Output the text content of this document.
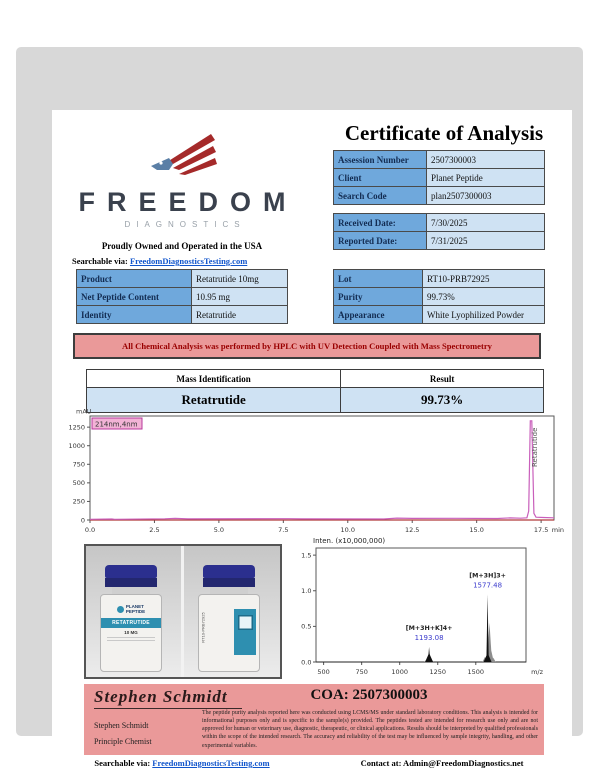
FREEDOM
DIAGNOSTICS
Certificate of Analysis
Assession Number	2507300003
Client	Planet Peptide
Search Code	plan2507300003
Received Date:	7/30/2025
Reported Date:	7/31/2025
Proudly Owned and Operated in the USA
Searchable via: FreedomDiagnosticsTesting.com
Product	Retatrutide 10mg
Net Peptide Content	10.95 mg
Identity	Retatrutide
Lot	RT10-PRB72925
Purity	99.73%
Appearance	White Lyophilized Powder
All Chemical Analysis was performed by HPLC with UV Detection Coupled with Mass Spectrometry
Mass Identification	Result
Retatrutide	99.73%
0.0	2.5	5.0	7.5	10.0	12.5	15.0	17.5
0
250
500
750
1000
1250
mAU
min
214nm,4nm
Retatrutide
PLANET
PEPTIDE
RETATRUTIDE
10 MG	RT10-PRB72925
Inten. (x10,000,000)
500	750	1000	1250	1500
0.0
0.5
1.0
1.5
m/z
[M+3H+K]4+
1193.08
[M+3H]3+
1577.48
Stephen Schmidt
Stephen Schmidt
Principle Chemist
COA: 2507300003
The peptide purity analysis reported here was conducted using LCMS/MS under standard laboratory conditions. This analysis is intended for informational purposes only and is specific to the sample(s) provided. The peptides tested are intended for research use only and are not approved for human or veterinary use, diagnostic, therapeutic, or clinical applications. Results should be interpreted by qualified professionals within the scope of the intended research. The accuracy and reliability of the test may be influenced by sample integrity, handling, and other experimental variables.
Searchable via: FreedomDiagnosticsTesting.com	Contact at: Admin@FreedomDiagnostics.net
